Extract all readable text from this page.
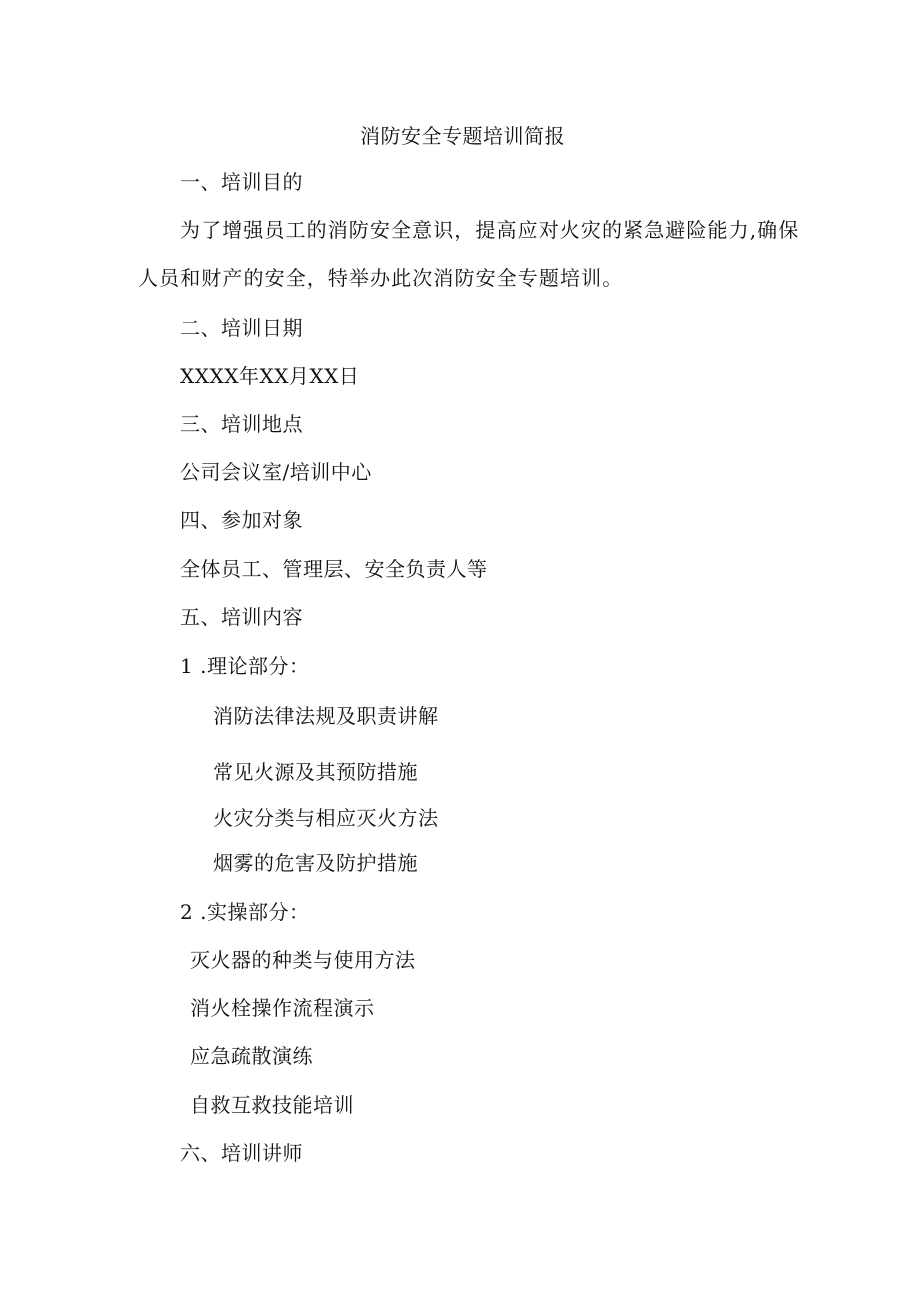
消防安全专题培训简报
一、培训目的
为了增强员工的消防安全意识，提高应对火灾的紧急避险能力,确保
人员和财产的安全，特举办此次消防安全专题培训。
二、培训日期
XXXX年XX月XX日
三、培训地点
公司会议室/培训中心
四、参加对象
全体员工、管理层、安全负责人等
五、培训内容
1 .理论部分：
消防法律法规及职责讲解
常见火源及其预防措施
火灾分类与相应灭火方法
烟雾的危害及防护措施
2 .实操部分：
灭火器的种类与使用方法
消火栓操作流程演示
应急疏散演练
自救互救技能培训
六、培训讲师
